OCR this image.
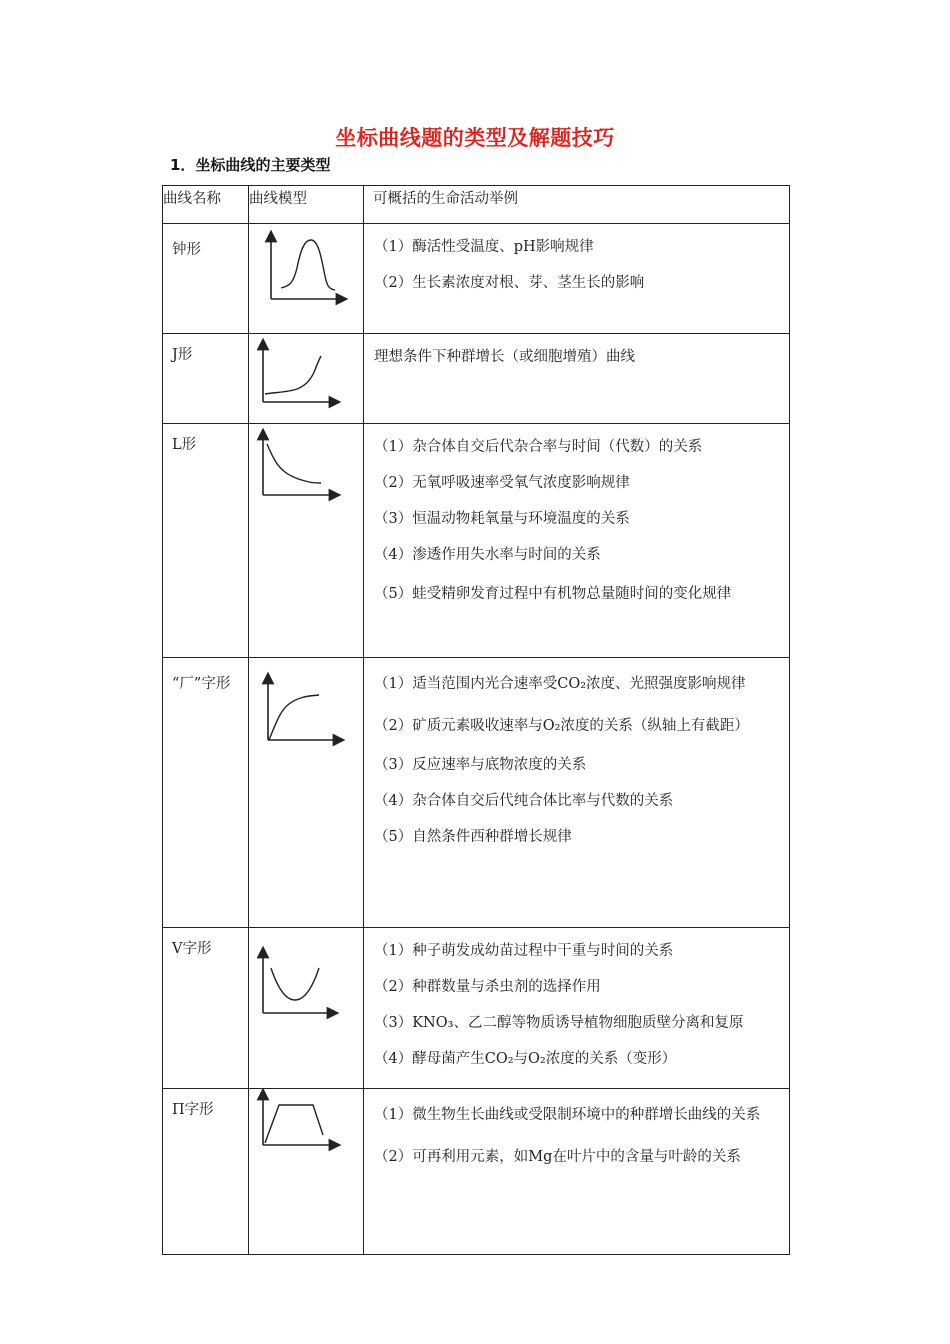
坐标曲线题的类型及解题技巧
1．坐标曲线的主要类型
曲线名称	曲线模型	可概括的生命活动举例
钟形		（1）酶活性受温度、pH影响规律
（2）生长素浓度对根、芽、茎生长的影响

J形		理想条件下种群增长（或细胞增殖）曲线

L形		（1）杂合体自交后代杂合率与时间（代数）的关系
（2）无氧呼吸速率受氧气浓度影响规律
（3）恒温动物耗氧量与环境温度的关系
（4）渗透作用失水率与时间的关系
（5）蛙受精卵发育过程中有机物总量随时间的变化规律

“厂”字形		（1）适当范围内光合速率受CO₂浓度、光照强度影响规律
（2）矿质元素吸收速率与O₂浓度的关系（纵轴上有截距）
（3）反应速率与底物浓度的关系
（4）杂合体自交后代纯合体比率与代数的关系
（5）自然条件西种群增长规律

V字形		（1）种子萌发成幼苗过程中干重与时间的关系
（2）种群数量与杀虫剂的选择作用
（3）KNO₃、乙二醇等物质诱导植物细胞质壁分离和复原
（4）酵母菌产生CO₂与O₂浓度的关系（变形）

Π字形		（1）微生物生长曲线或受限制环境中的种群增长曲线的关系
（2）可再利用元素，如Mg在叶片中的含量与叶龄的关系
